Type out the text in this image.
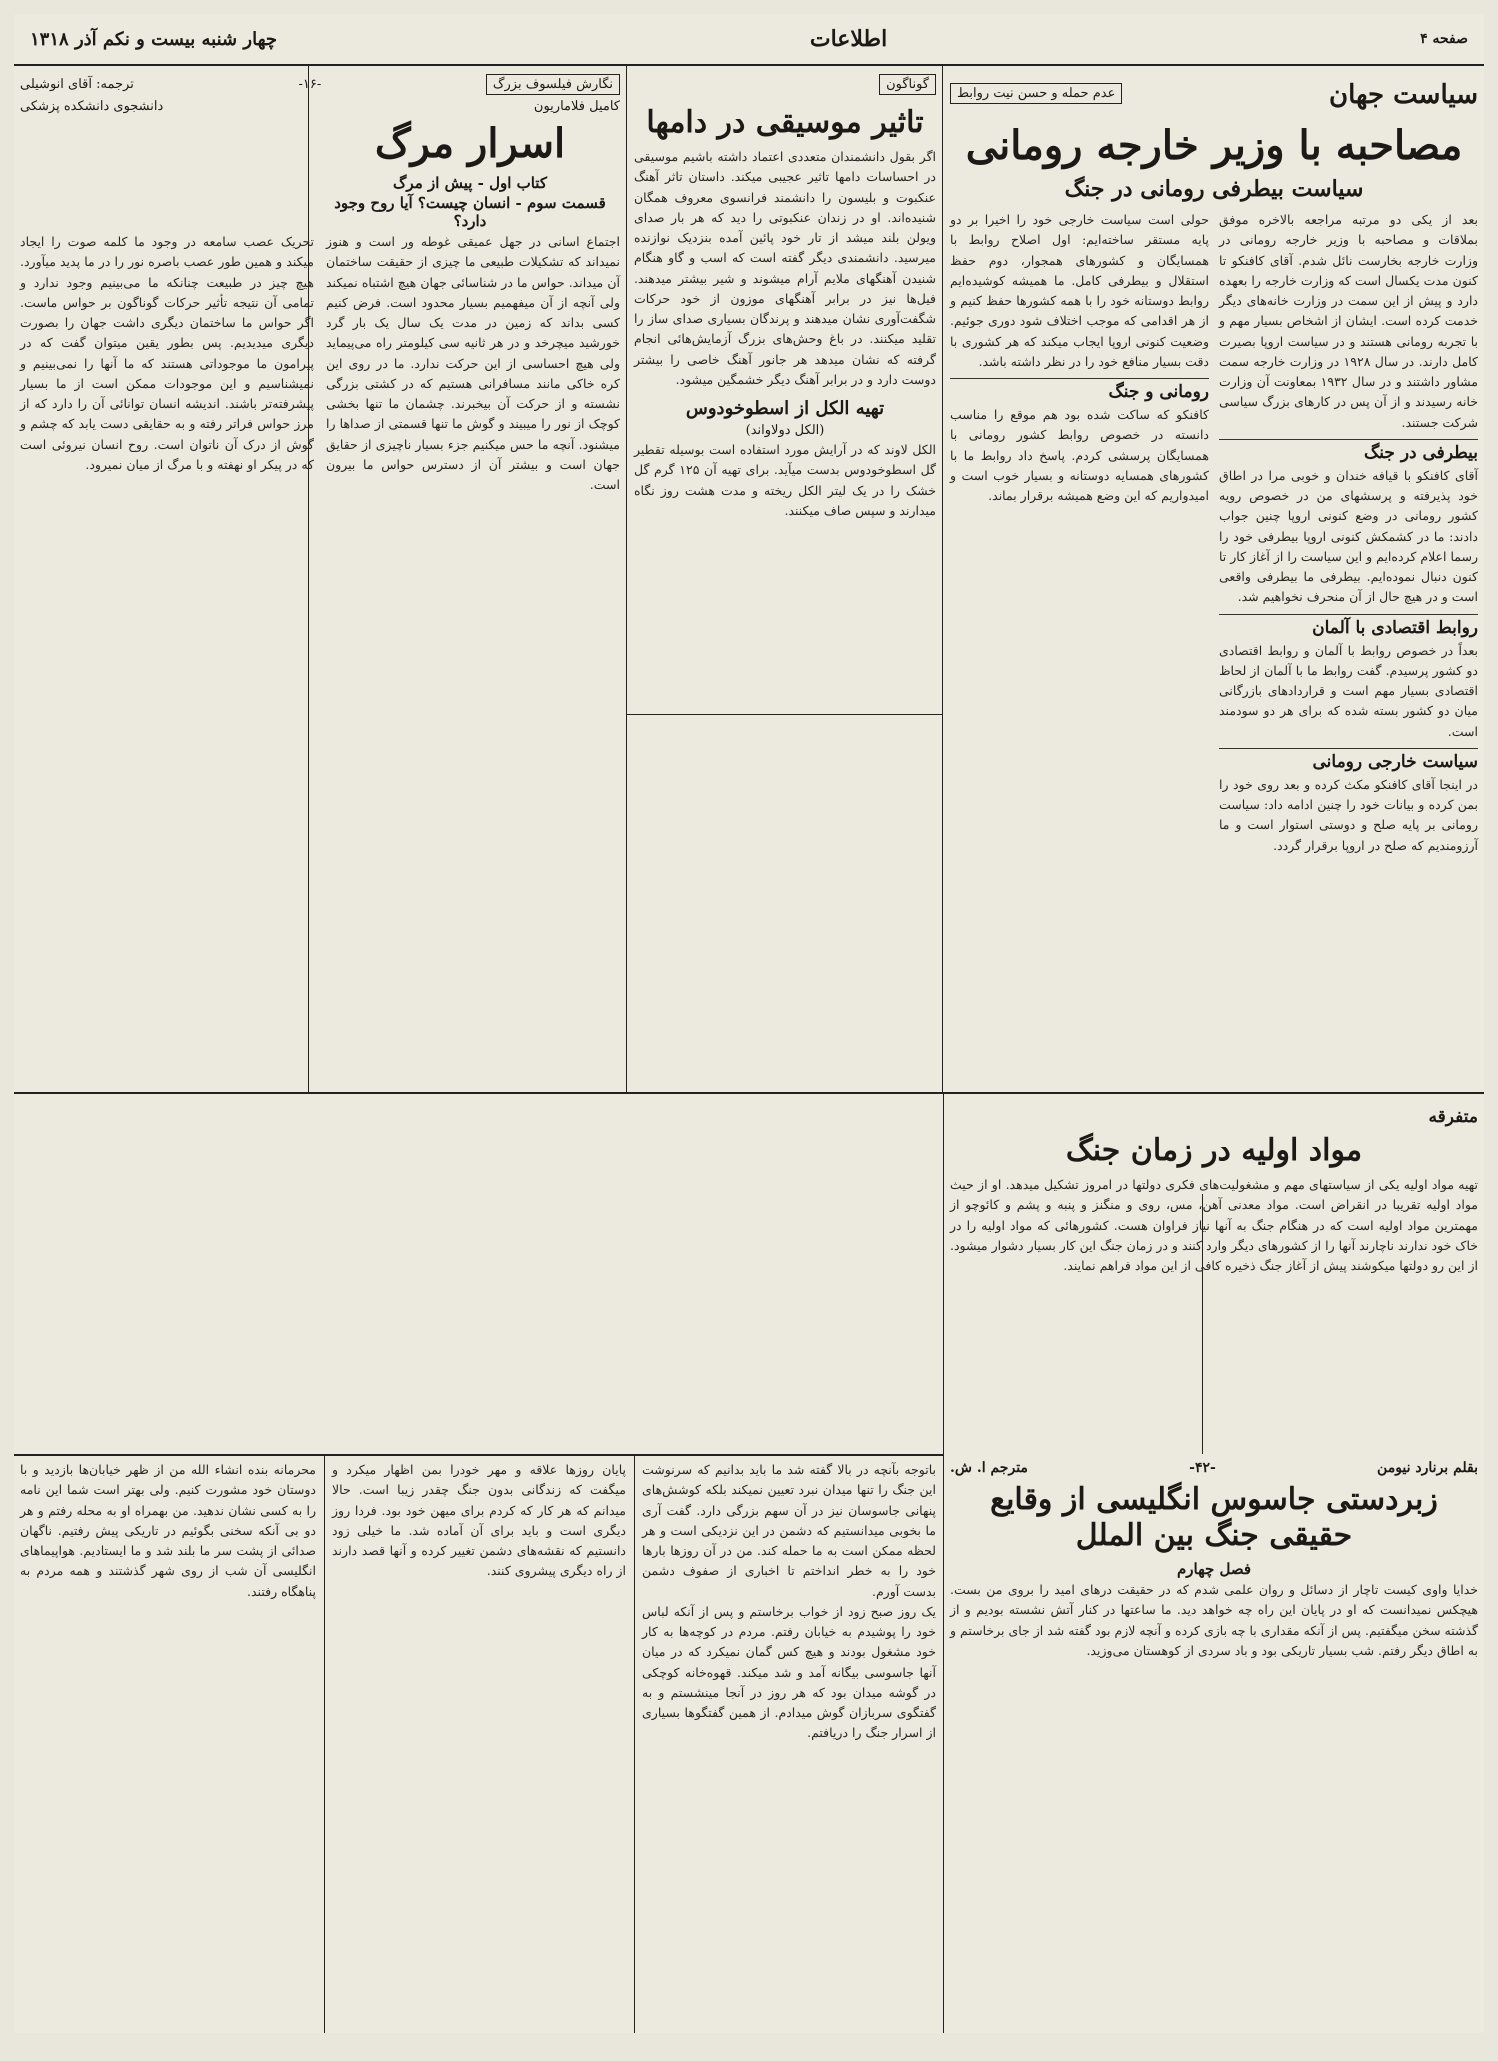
صفحه ۴
اطلاعات
چهار شنبه بیست و نکم آذر ۱۳۱۸
سیاست جهان
عدم حمله و حسن نیت روابط
مصاحبه با وزیر خارجه رومانی
سیاست بیطرفی رومانی در جنگ
بعد از یکی دو مرتبه مراجعه بالاخره موفق بملاقات و مصاحبه با وزیر خارجه رومانی در وزارت خارجه بخارست نائل شدم. آقای کافنکو تا کنون مدت یکسال است که وزارت خارجه را بعهده دارد و پیش از این سمت در وزارت خانه‌های دیگر خدمت کرده است. ایشان از اشخاص بسیار مهم و با تجربه رومانی هستند و در سیاست اروپا بصیرت کامل دارند. در سال ۱۹۲۸ در وزارت خارجه سمت مشاور داشتند و در سال ۱۹۳۲ بمعاونت آن وزارت خانه رسیدند و از آن پس در کار‌های بزرگ سیاسی شرکت جستند.
بیطرفی در جنگ
آقای کافنکو با قیافه خندان و خوبی مرا در اطاق خود پذیرفته و پرسشهای من در خصوص رویه کشور رومانی در وضع کنونی اروپا چنین جواب دادند: ما در کشمکش کنونی اروپا بیطرفی خود را رسما اعلام کرده‌ایم و این سیاست را از آغاز کار تا کنون دنبال نموده‌ایم. بیطرفی ما بیطرفی واقعی است و در هیچ حال از آن منحرف نخواهیم شد.
روابط اقتصادی با آلمان
بعداً در خصوص روابط با آلمان و روابط اقتصادی دو کشور پرسیدم. گفت روابط ما با آلمان از لحاظ اقتصادی بسیار مهم است و قراردادهای بازرگانی میان دو کشور بسته شده که برای هر دو سودمند است.
سیاست خارجی رومانی
در اینجا آقای کافنکو مکث کرده و بعد روی خود را بمن کرده و بیانات خود را چنین ادامه داد: سیاست رومانی بر پایه صلح و دوستی استوار است و ما آرزومندیم که صلح در اروپا برقرار گردد.
حولی است سیاست خارجی خود را اخیرا بر دو پایه مستقر ساخته‌ایم: اول اصلاح روابط با همسایگان و کشورهای همجوار، دوم حفظ استقلال و بیطرفی کامل. ما همیشه کوشیده‌ایم روابط دوستانه خود را با همه کشورها حفظ کنیم و از هر اقدامی که موجب اختلاف شود دوری جوئیم. وضعیت کنونی اروپا ایجاب میکند که هر کشوری با دقت بسیار منافع خود را در نظر داشته باشد.
رومانی و جنگ
کافنکو که ساکت شده بود هم موقع را مناسب دانسته در خصوص روابط کشور رومانی با همسایگان پرسشی کردم. پاسخ داد روابط ما با کشورهای همسایه دوستانه و بسیار خوب است و امیدواریم که این وضع همیشه برقرار بماند.
گوناگون
تاثیر موسیقی در دامها
اگر بقول دانشمندان متعددی اعتماد داشته باشیم موسیقی در احساسات دامها تاثیر عجیبی میکند. داستان تاثر آهنگ عنکبوت و بلیسون را دانشمند فرانسوی معروف همگان شنیده‌اند. او در زندان عنکبوتی را دید که هر بار صدای ویولن بلند میشد از تار خود پائین آمده بنزدیک نوازنده میرسید. دانشمندی دیگر گفته است که اسب و گاو هنگام شنیدن آهنگهای ملایم آرام میشوند و شیر بیشتر میدهند. فیل‌ها نیز در برابر آهنگهای موزون از خود حرکات شگفت‌آوری نشان میدهند و پرندگان بسیاری صدای ساز را تقلید میکنند. در باغ وحش‌های بزرگ آزمایش‌هائی انجام گرفته که نشان میدهد هر جانور آهنگ خاصی را بیشتر دوست دارد و در برابر آهنگ دیگر خشمگین میشود.
تهیه الکل از اسطوخودوس
(الکل دولاواند)
الکل لاوند که در آرایش مورد استفاده است بوسیله تقطیر گل اسطوخودوس بدست میآید. برای تهیه آن ۱۲۵ گرم گل خشک را در یک لیتر الکل ریخته و مدت هشت روز نگاه میدارند و سپس صاف میکنند.
نگارش فیلسوف بزرگ
-۱۶-
ترجمه: آقای انوشیلی
کامیل فلاماریون
دانشجوی دانشکده پزشکی
اسرار مرگ
کتاب اول - پیش از مرگ
قسمت سوم - انسان چیست؟ آیا روح وجود دارد؟
اجتماع اسانی در جهل عمیقی غوطه ور است و هنوز نمیداند که تشکیلات طبیعی ما چیزی از حقیقت ساختمان آن میداند. حواس ما در شناسائی جهان هیچ اشتباه نمیکند ولی آنچه از آن میفهمیم بسیار محدود است. فرض کنیم کسی بداند که زمین در مدت یک سال یک بار گرد خورشید میچرخد و در هر ثانیه سی کیلومتر راه می‌پیماید ولی هیچ احساسی از این حرکت ندارد. ما در روی این کره خاکی مانند مسافرانی هستیم که در کشتی بزرگی نشسته و از حرکت آن بیخبرند. چشمان ما تنها بخشی کوچک از نور را میبیند و گوش ما تنها قسمتی از صداها را میشنود. آنچه ما حس میکنیم جزء بسیار ناچیزی از حقایق جهان است و بیشتر آن از دسترس حواس ما بیرون است.
تحریک عصب سامعه در وجود ما کلمه صوت را ایجاد میکند و همین طور عصب باصره نور را در ما پدید میآورد. هیچ چیز در طبیعت چنانکه ما می‌بینیم وجود ندارد و تمامی آن نتیجه تأثیر حرکات گوناگون بر حواس ماست. اگر حواس ما ساختمان دیگری داشت جهان را بصورت دیگری میدیدیم. پس بطور یقین میتوان گفت که در پیرامون ما موجوداتی هستند که ما آنها را نمی‌بینیم و نمیشناسیم و این موجودات ممکن است از ما بسیار پیشرفته‌تر باشند. اندیشه انسان توانائی آن را دارد که از مرز حواس فراتر رفته و به حقایقی دست یابد که چشم و گوش از درک آن ناتوان است. روح انسان نیروئی است که در پیکر او نهفته و با مرگ از میان نمیرود.
متفرقه
مواد اولیه در زمان جنگ
تهیه مواد اولیه یکی از سیاستهای مهم و مشغولیت‌های فکری دولتها در امروز تشکیل میدهد. او از حیث مواد اولیه تقریبا در انقراض است. مواد معدنی آهن، مس، روی و منگنز و پنبه و پشم و کائوچو از مهمترین مواد اولیه است که در هنگام جنگ به آنها نیاز فراوان هست. کشورهائی که مواد اولیه را در خاک خود ندارند ناچارند آنها را از کشورهای دیگر وارد کنند و در زمان جنگ این کار بسیار دشوار میشود. از این رو دولتها میکوشند پیش از آغاز جنگ ذخیره کافی از این مواد فراهم نمایند.
بقلم برنارد نیومن
-۴۲-
مترجم ا. ش.
زبردستی جاسوس انگلیسی از وقایع حقیقی جنگ بین الملل
فصل چهارم
خدایا واوی کیست تاچار از دسائل و روان علمی شدم که در حقیقت درهای امید را بروی من بست. هیچکس نمیدانست که او در پایان این راه چه خواهد دید. ما ساعتها در کنار آتش نشسته بودیم و از گذشته سخن میگفتیم. پس از آنکه مقداری با چه بازی کرده و آنچه لازم بود گفته شد از جای برخاستم و به اطاق دیگر رفتم. شب بسیار تاریکی بود و باد سردی از کوهستان می‌وزید.
باتوجه بآنچه در بالا گفته شد ما باید بدانیم که سرنوشت این جنگ را تنها میدان نبرد تعیین نمیکند بلکه کوشش‌های پنهانی جاسوسان نیز در آن سهم بزرگی دارد. گفت آری ما بخوبی میدانستیم که دشمن در این نزدیکی است و هر لحظه ممکن است به ما حمله کند. من در آن روزها بارها خود را به خطر انداختم تا اخباری از صفوف دشمن بدست آورم.
یک روز صبح زود از خواب برخاستم و پس از آنکه لباس خود را پوشیدم به خیابان رفتم. مردم در کوچه‌ها به کار خود مشغول بودند و هیچ کس گمان نمیکرد که در میان آنها جاسوسی بیگانه آمد و شد میکند. قهوه‌خانه کوچکی در گوشه میدان بود که هر روز در آنجا مینشستم و به گفتگوی سربازان گوش میدادم. از همین گفتگوها بسیاری از اسرار جنگ را دریافتم.
پایان روزها علاقه و مهر خودرا بمن اظهار میکرد و میگفت که زندگانی بدون جنگ چقدر زیبا است. حالا میدانم که هر کار که کردم برای میهن خود بود. فردا روز دیگری است و باید برای آن آماده شد. ما خیلی زود دانستیم که نقشه‌های دشمن تغییر کرده و آنها قصد دارند از راه دیگری پیشروی کنند.
محرمانه بنده انشاء الله من از ظهر خیابان‌ها بازدید و با دوستان خود مشورت کنیم. ولی بهتر است شما این نامه را به کسی نشان ندهید. من بهمراه او به محله رفتم و هر دو بی آنکه سخنی بگوئیم در تاریکی پیش رفتیم. ناگهان صدائی از پشت سر ما بلند شد و ما ایستادیم. هواپیماهای انگلیسی آن شب از روی شهر گذشتند و همه مردم به پناهگاه رفتند.
